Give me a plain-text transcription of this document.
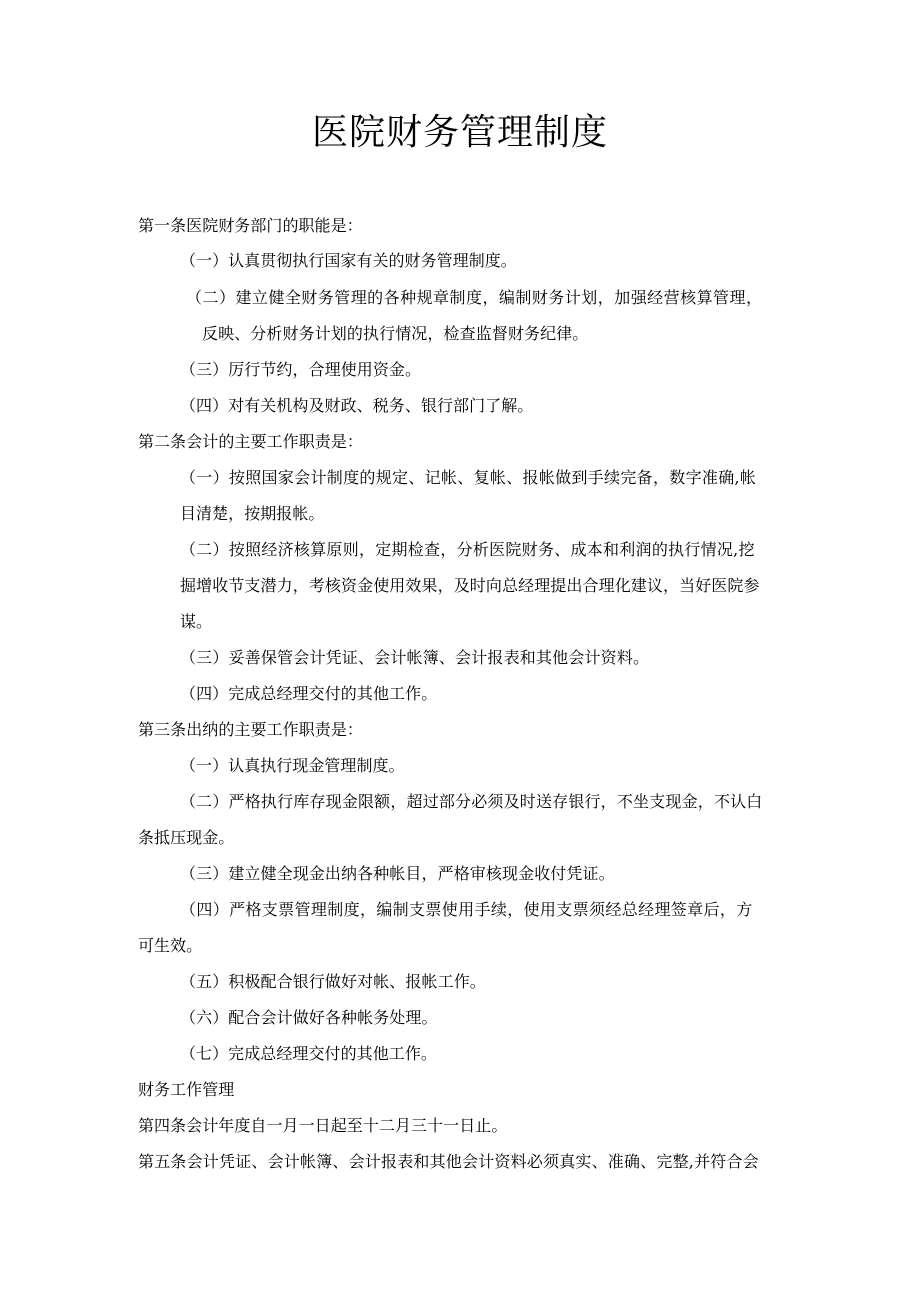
医院财务管理制度

第一条医院财务部门的职能是：

（一）认真贯彻执行国家有关的财务管理制度。

（二）建立健全财务管理的各种规章制度，编制财务计划，加强经营核算管理，

反映、分析财务计划的执行情况，检查监督财务纪律。

（三）厉行节约，合理使用资金。

（四）对有关机构及财政、税务、银行部门了解。

第二条会计的主要工作职责是：

（一）按照国家会计制度的规定、记帐、复帐、报帐做到手续完备，数字准确,帐

目清楚，按期报帐。

（二）按照经济核算原则，定期检查，分析医院财务、成本和利润的执行情况,挖

掘增收节支潜力，考核资金使用效果，及时向总经理提出合理化建议，当好医院参

谋。

（三）妥善保管会计凭证、会计帐簿、会计报表和其他会计资料。

（四）完成总经理交付的其他工作。

第三条出纳的主要工作职责是：

（一）认真执行现金管理制度。

（二）严格执行库存现金限额，超过部分必须及时送存银行，不坐支现金，不认白

条抵压现金。

（三）建立健全现金出纳各种帐目，严格审核现金收付凭证。

（四）严格支票管理制度，编制支票使用手续，使用支票须经总经理签章后，方

可生效。

（五）积极配合银行做好对帐、报帐工作。

（六）配合会计做好各种帐务处理。

（七）完成总经理交付的其他工作。

财务工作管理

第四条会计年度自一月一日起至十二月三十一日止。

第五条会计凭证、会计帐簿、会计报表和其他会计资料必须真实、准确、完整,并符合会
